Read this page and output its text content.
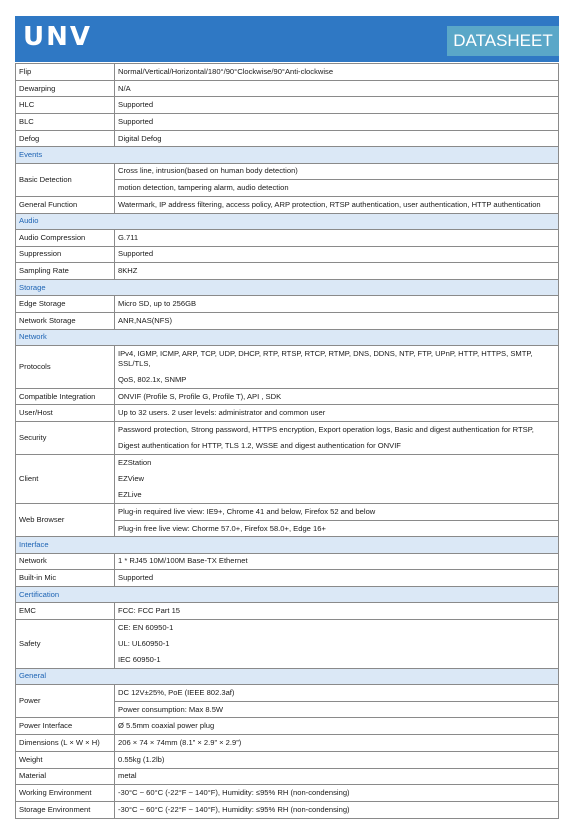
UNV	DATASHEET
Flip	Normal/Vertical/Horizontal/180°/90°Clockwise/90°Anti-clockwise
Dewarping	N/A
HLC	Supported
BLC	Supported
Defog	Digital Defog
Events	
Basic Detection	Cross line, intrusion(based on human body detection)
	motion detection, tampering alarm, audio detection
General Function	Watermark, IP address filtering, access policy, ARP protection, RTSP authentication, user authentication, HTTP authentication
Audio	
Audio Compression	G.711
Suppression	Supported
Sampling Rate	8KHZ
Storage	
Edge Storage	Micro SD, up to 256GB
Network Storage	ANR,NAS(NFS)
Network	
Protocols	IPv4, IGMP, ICMP, ARP, TCP, UDP, DHCP, RTP, RTSP, RTCP, RTMP, DNS, DDNS, NTP, FTP, UPnP, HTTP, HTTPS, SMTP, SSL/TLS,
QoS, 802.1x, SNMP

Compatible Integration	ONVIF (Profile S, Profile G, Profile T), API , SDK
User/Host	Up to 32 users. 2 user levels: administrator and common user
Security	Password protection, Strong password, HTTPS encryption, Export operation logs, Basic and digest authentication for RTSP,
Digest authentication for HTTP, TLS 1.2, WSSE and digest authentication for ONVIF

Client	EZStation
EZView
EZLive

Web Browser	Plug-in required live view: IE9+, Chrome 41 and below, Firefox 52 and below
	Plug-in free live view: Chorme 57.0+, Firefox 58.0+, Edge 16+
Interface	
Network	1 * RJ45 10M/100M Base-TX Ethernet
Built-in Mic	Supported
Certification	
EMC	FCC: FCC Part 15
Safety	CE: EN 60950-1
UL: UL60950-1
IEC 60950-1

General	
Power	DC 12V±25%, PoE (IEEE 802.3af)
	Power consumption: Max 8.5W
Power Interface	Ø 5.5mm coaxial power plug
Dimensions (L × W × H)	206 × 74 × 74mm (8.1” × 2.9” × 2.9”)
Weight	0.55kg (1.2lb)
Material	metal
Working Environment	-30°C ~ 60°C (-22°F ~ 140°F), Humidity: ≤95% RH (non-condensing)
Storage Environment	-30°C ~ 60°C (-22°F ~ 140°F), Humidity: ≤95% RH (non-condensing)
